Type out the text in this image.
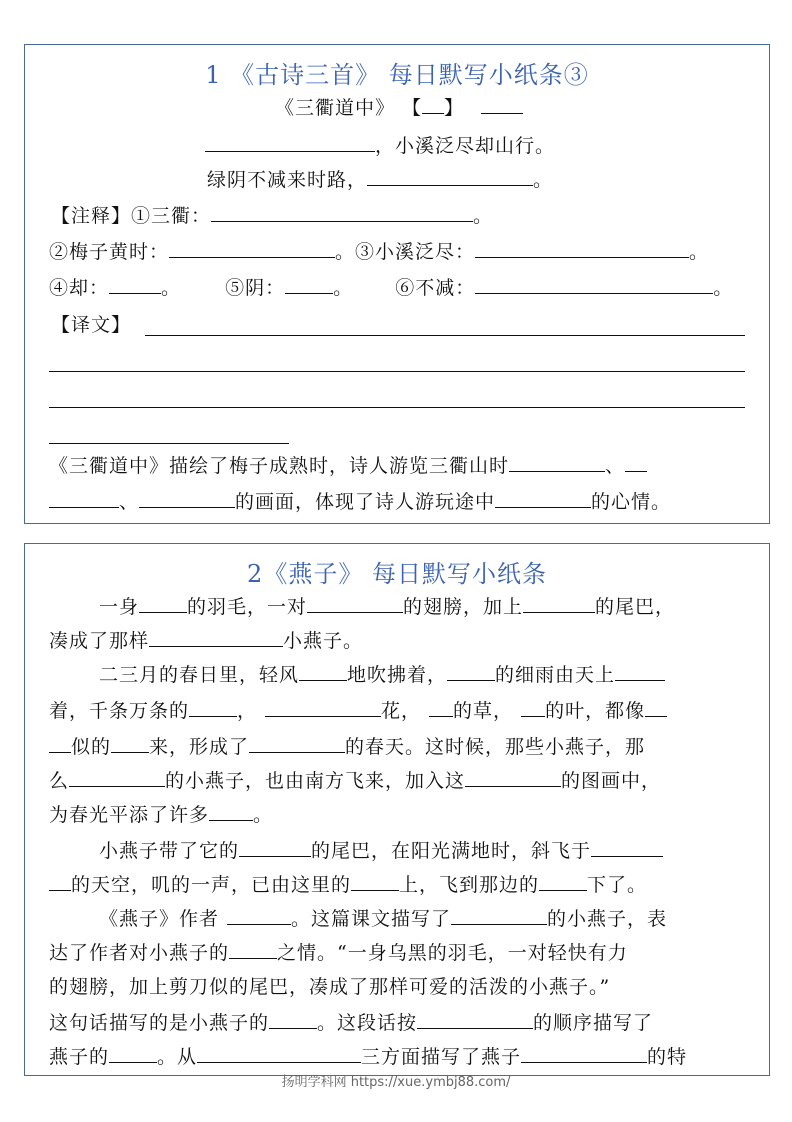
1 《古诗三首》 每日默写小纸条③
《三衢道中》 【 】
，小溪泛尽却山行。
绿阴不减来时路，	。
【注释】①三衢：	。
②梅子黄时：	。③小溪泛尽：	。
④却：	。 ⑤阴：	。 ⑥不减：	。
【译文】
《三衢道中》描绘了梅子成熟时，诗人游览三衢山时	、
、	的画面，体现了诗人游玩途中	的心情。
2《燕子》 每日默写小纸条
一身	的羽毛，一对	的翅膀，加上	的尾巴，
凑成了那样	小燕子。
二三月的春日里，轻风	地吹拂着，	的细雨由天上
着，千条万条的	，	花， 的草， 的叶，都像
似的 来，形成了	的春天。这时候，那些小燕子，那
么	的小燕子，也由南方飞来，加入这	的图画中，
为春光平添了许多 。
小燕子带了它的	的尾巴，在阳光满地时，斜飞于
的天空，叽的一声，已由这里的	上，飞到那边的	下了。
《燕子》作者	。这篇课文描写了	的小燕子，表
达了作者对小燕子的	之情。“一身乌黑的羽毛，一对轻快有力
的翅膀，加上剪刀似的尾巴，凑成了那样可爱的活泼的小燕子。”
这句话描写的是小燕子的	。这段话按	的顺序描写了
燕子的	。从	三方面描写了燕子	的特
扬明学科网 https://xue.ymbj88.com/
